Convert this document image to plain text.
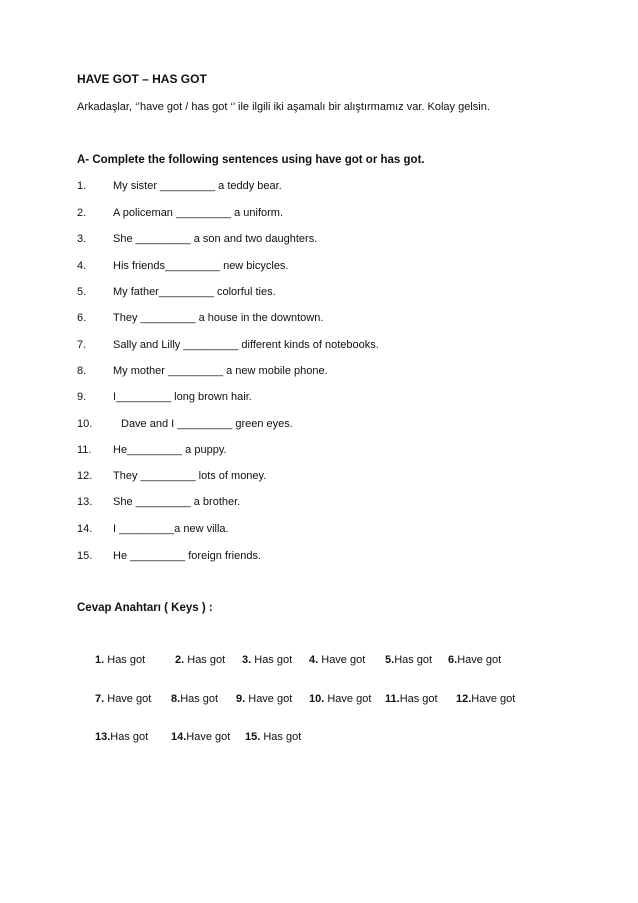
HAVE GOT – HAS GOT
Arkadaşlar, ‘’have got / has got ‘’ ile ilgili iki aşamalı bir alıştırmamız var. Kolay gelsin.
A- Complete the following sentences using have got or has got.
1. My sister _________ a teddy bear.
2. A policeman _________ a uniform.
3. She _________ a son and two daughters.
4. His friends_________ new bicycles.
5. My father_________ colorful ties.
6. They _________ a house in the downtown.
7. Sally and Lilly _________ different kinds of notebooks.
8. My mother _________ a new mobile phone.
9. I_________ long brown hair.
10.	Dave and I _________ green eyes.
11. He_________ a puppy.
12. They _________ lots of money.
13. She _________ a brother.
14. I _________a new villa.
15. He _________ foreign friends.
Cevap Anahtarı ( Keys ) :
1. Has got	2. Has got 3. Has got 4. Have got 5.Has got 6.Have got
7. Have got 8.Has got 9. Have got 10. Have got 11.Has got 12.Have got
13.Has got 14.Have got 15. Has got
